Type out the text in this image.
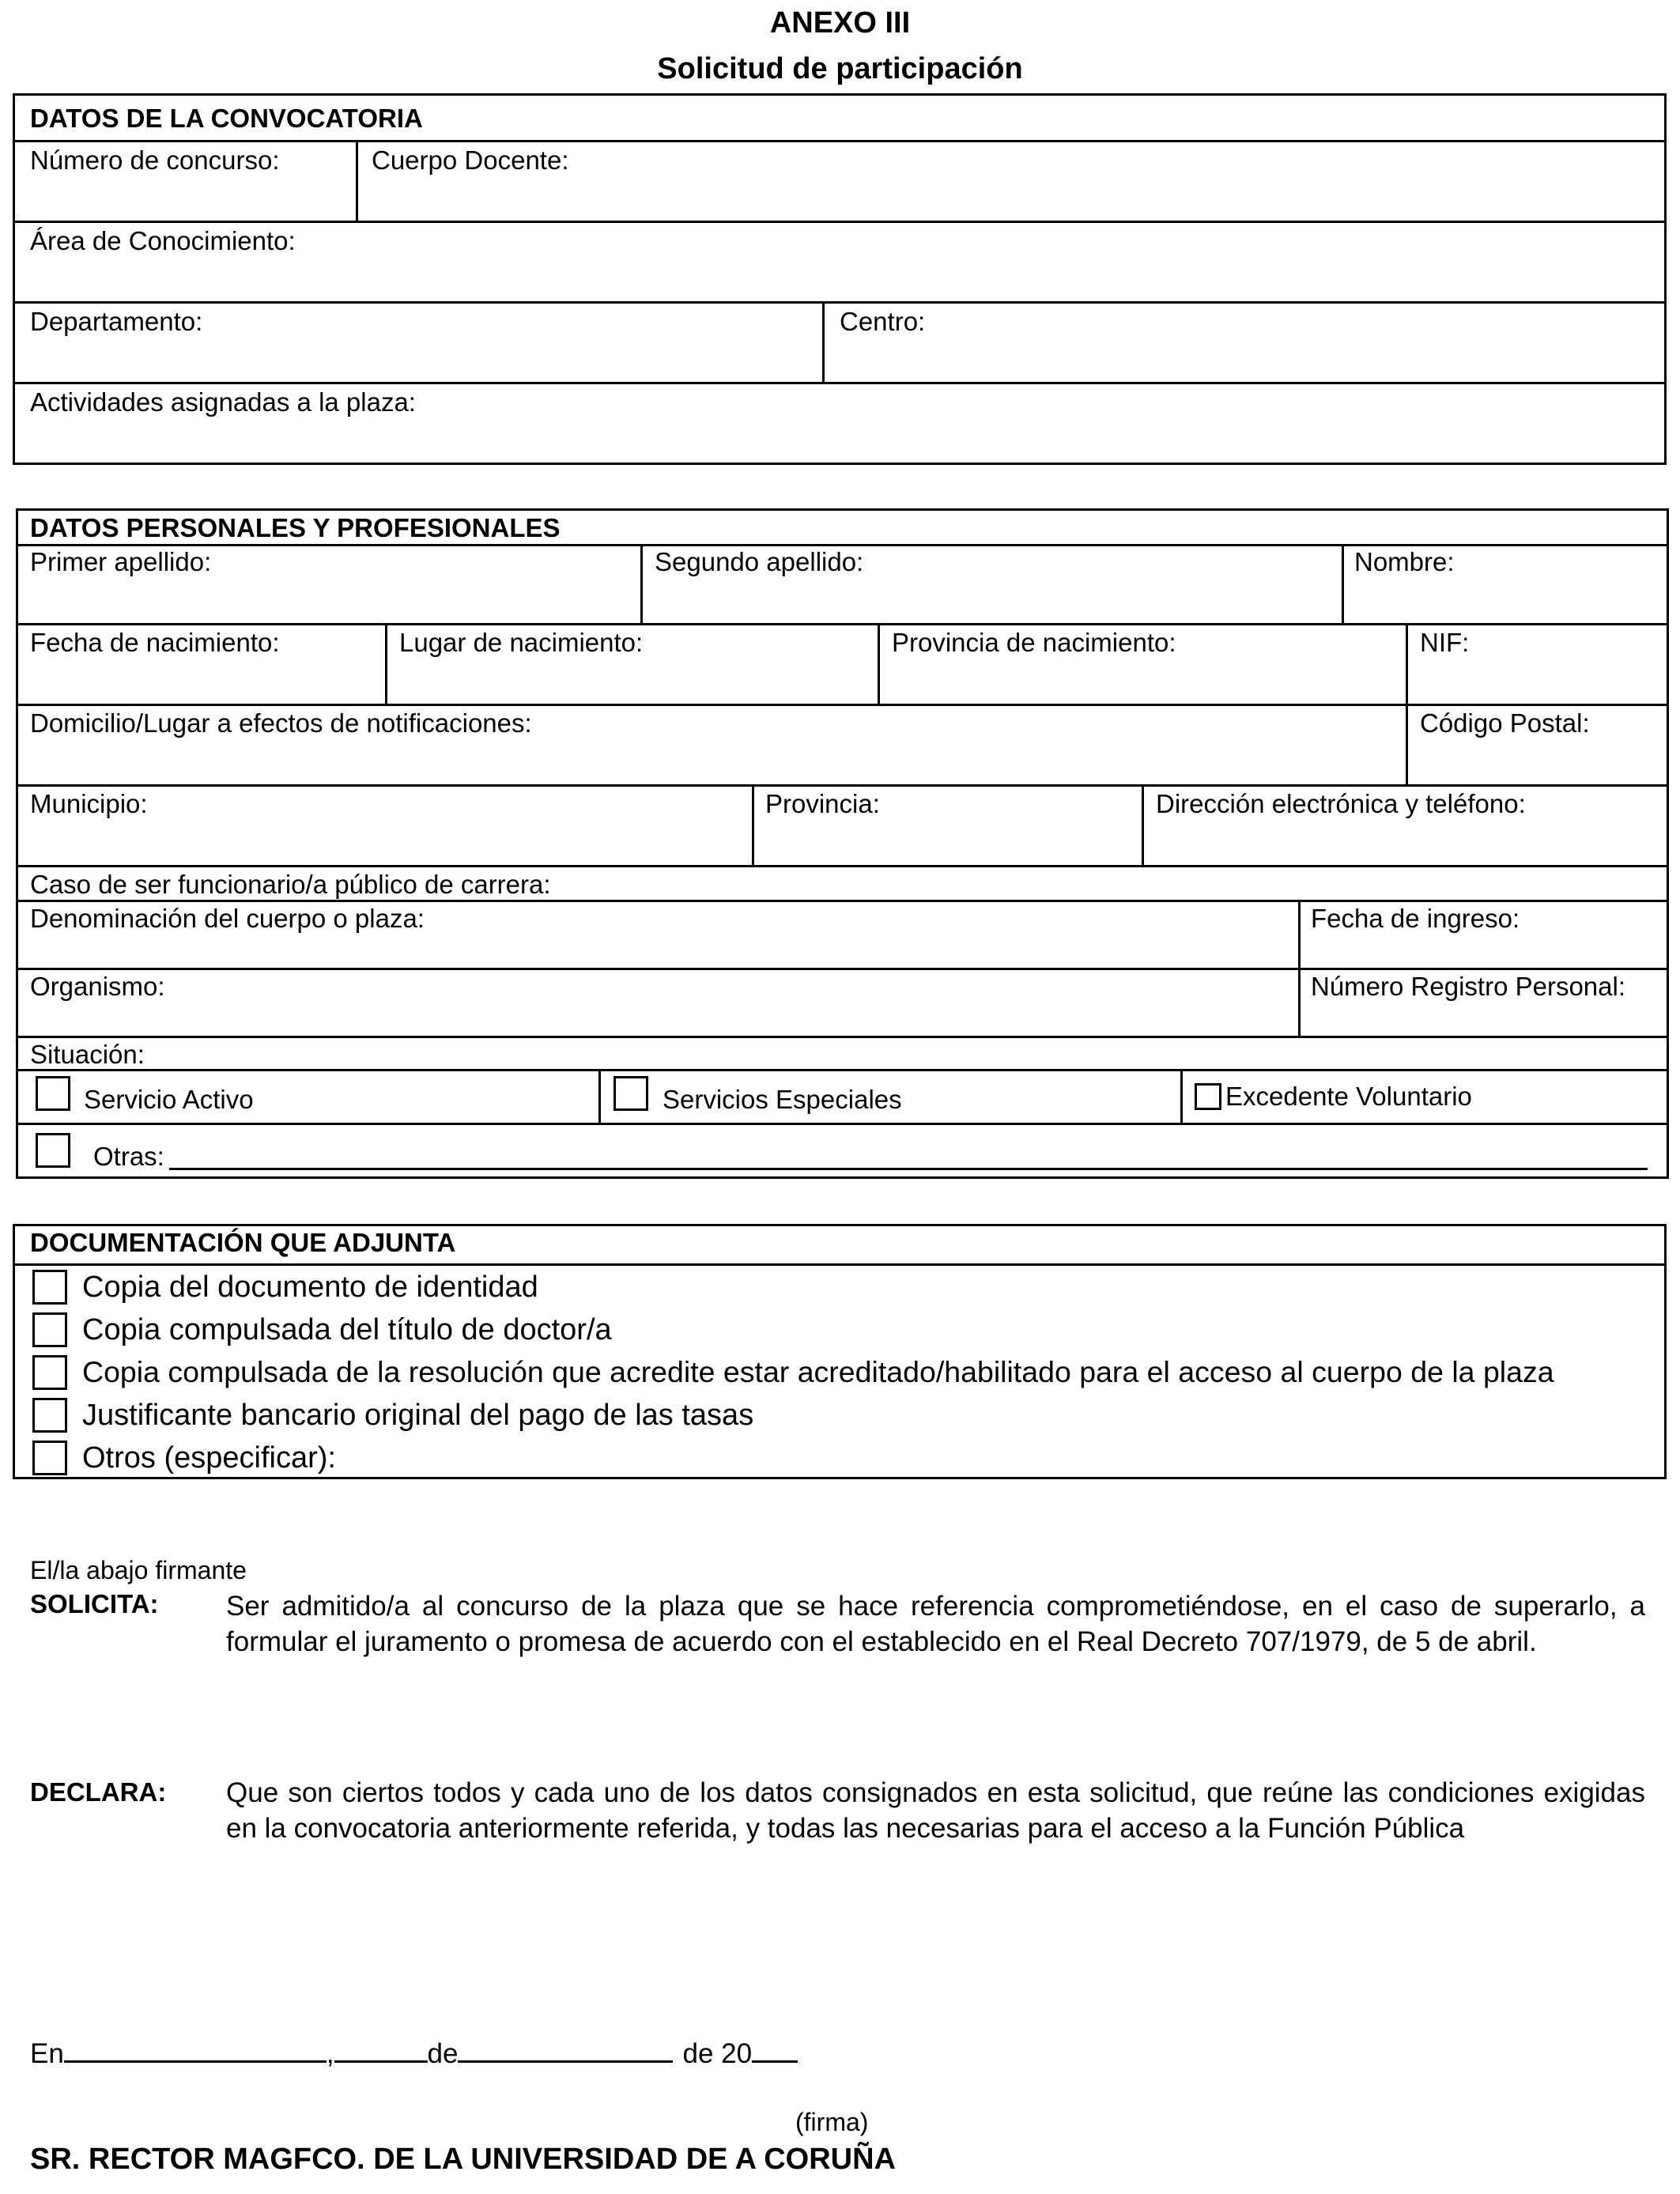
ANEXO III
Solicitud de participación
DATOS DE LA CONVOCATORIA
Número de concurso:	Cuerpo Docente:
Área de Conocimiento:
Departamento:	Centro:
Actividades asignadas a la plaza:
DATOS PERSONALES Y PROFESIONALES
Primer apellido:	Segundo apellido:	Nombre:
Fecha de nacimiento:	Lugar de nacimiento:	Provincia de nacimiento:	NIF:
Domicilio/Lugar a efectos de notificaciones:	Código Postal:
Municipio:	Provincia:	Dirección electrónica y teléfono:
Caso de ser funcionario/a público de carrera:
Denominación del cuerpo o plaza:	Fecha de ingreso:
Organismo:	Número Registro Personal:
Situación:
Servicio Activo	Servicios Especiales	Excedente Voluntario
Otras:
DOCUMENTACIÓN QUE ADJUNTA
Copia del documento de identidad
Copia compulsada del título de doctor/a
Copia compulsada de la resolución que acredite estar acreditado/habilitado para el acceso al cuerpo de la plaza
Justificante bancario original del pago de las tasas
Otros (especificar):
El/la abajo firmante
SOLICITA: Ser admitido/a al concurso de la plaza que se hace referencia comprometiéndose, en el caso de superarlo, a formular el juramento o promesa de acuerdo con el establecido en el Real Decreto 707/1979, de 5 de abril.
DECLARA: Que son ciertos todos y cada uno de los datos consignados en esta solicitud, que reúne las condiciones exigidas en la convocatoria anteriormente referida, y todas las necesarias para el acceso a la Función Pública
En	,	de	de 20
(firma)
SR. RECTOR MAGFCO. DE LA UNIVERSIDAD DE A CORUÑA
